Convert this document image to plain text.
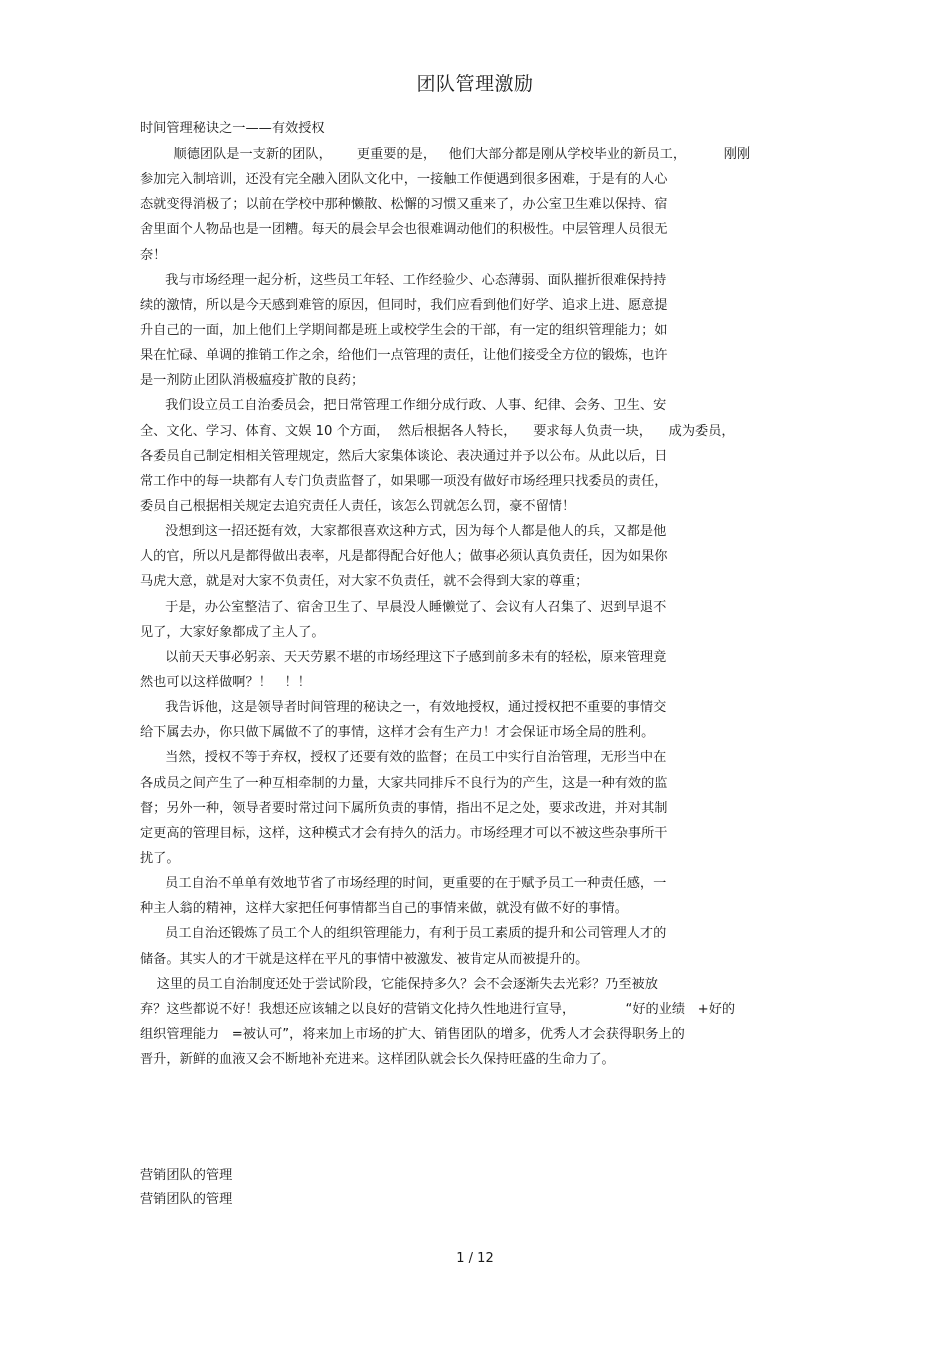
团队管理激励
时间管理秘诀之一——有效授权
顺德团队是一支新的团队，      更重要的是，   他们大部分都是刚从学校毕业的新员工，         刚刚
参加完入制培训，还没有完全融入团队文化中，一接触工作便遇到很多困难，于是有的人心
态就变得消极了；以前在学校中那种懒散、松懈的习惯又重来了，办公室卫生难以保持、宿
舍里面个人物品也是一团糟。每天的晨会早会也很难调动他们的积极性。中层管理人员很无
奈！
我与市场经理一起分析，这些员工年轻、工作经验少、心态薄弱、面队摧折很难保持持
续的激情，所以是今天感到难管的原因，但同时，我们应看到他们好学、追求上进、愿意提
升自己的一面，加上他们上学期间都是班上或校学生会的干部，有一定的组织管理能力；如
果在忙碌、单调的推销工作之余，给他们一点管理的责任，让他们接受全方位的锻炼，也许
是一剂防止团队消极瘟疫扩散的良药；
我们设立员工自治委员会，把日常管理工作细分成行政、人事、纪律、会务、卫生、安
全、文化、学习、体育、文娱 10 个方面，  然后根据各人特长，    要求每人负责一块，    成为委员，
各委员自己制定相相关管理规定，然后大家集体谈论、表决通过并予以公布。从此以后，日
常工作中的每一块都有人专门负责监督了，如果哪一项没有做好市场经理只找委员的责任，
委员自己根据相关规定去追究责任人责任，该怎么罚就怎么罚，豪不留情！
没想到这一招还挺有效，大家都很喜欢这种方式，因为每个人都是他人的兵，又都是他
人的官，所以凡是都得做出表率，凡是都得配合好他人；做事必须认真负责任，因为如果你
马虎大意，就是对大家不负责任，对大家不负责任，就不会得到大家的尊重；
于是，办公室整洁了、宿舍卫生了、早晨没人睡懒觉了、会议有人召集了、迟到早退不
见了，大家好象都成了主人了。
以前天天事必躬亲、天天劳累不堪的市场经理这下子感到前多未有的轻松，原来管理竟
然也可以这样做啊？！   ！！
我告诉他，这是领导者时间管理的秘诀之一，有效地授权，通过授权把不重要的事情交
给下属去办，你只做下属做不了的事情，这样才会有生产力！才会保证市场全局的胜利。
当然，授权不等于弃权，授权了还要有效的监督；在员工中实行自治管理，无形当中在
各成员之间产生了一种互相牵制的力量，大家共同排斥不良行为的产生，这是一种有效的监
督；另外一种，领导者要时常过问下属所负责的事情，指出不足之处，要求改进，并对其制
定更高的管理目标，这样，这种模式才会有持久的活力。市场经理才可以不被这些杂事所干
扰了。
员工自治不单单有效地节省了市场经理的时间，更重要的在于赋予员工一种责任感，一
种主人翁的精神，这样大家把任何事情都当自己的事情来做，就没有做不好的事情。
员工自治还锻炼了员工个人的组织管理能力，有利于员工素质的提升和公司管理人才的
储备。其实人的才干就是这样在平凡的事情中被激发、被肯定从而被提升的。
这里的员工自治制度还处于尝试阶段，它能保持多久？会不会逐渐失去光彩？乃至被放
弃？这些都说不好！我想还应该辅之以良好的营销文化持久性地进行宣导，            “好的业绩   +好的
组织管理能力   =被认可”，将来加上市场的扩大、销售团队的增多，优秀人才会获得职务上的
晋升，新鲜的血液又会不断地补充进来。这样团队就会长久保持旺盛的生命力了。
营销团队的管理
营销团队的管理
1 / 12
